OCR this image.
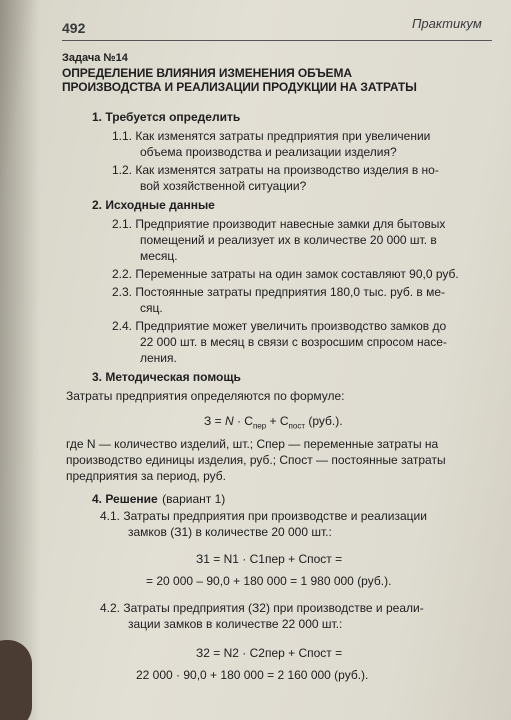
492	Практикум
Задача №14
ОПРЕДЕЛЕНИЕ ВЛИЯНИЯ ИЗМЕНЕНИЯ ОБЪЕМА
ПРОИЗВОДСТВА И РЕАЛИЗАЦИИ ПРОДУКЦИИ НА ЗАТРАТЫ
1. Требуется определить
1.1. Как изменятся затраты предприятия при увеличении
объема производства и реализации изделия?
1.2. Как изменятся затраты на производство изделия в но-
вой хозяйственной ситуации?
2. Исходные данные
2.1. Предприятие производит навесные замки для бытовых
помещений и реализует их в количестве 20 000 шт. в
месяц.
2.2. Переменные затраты на один замок составляют 90,0 руб.
2.3. Постоянные затраты предприятия 180,0 тыс. руб. в ме-
сяц.
2.4. Предприятие может увеличить производство замков до
22 000 шт. в месяц в связи с возросшим спросом насе-
ления.
3. Методическая помощь
Затраты предприятия определяются по формуле:
$З = N \cdot С_{пер} + С_{пост}$ (руб.).
где N — количество изделий, шт.; Спер — переменные затраты на
производство единицы изделия, руб.; Спост — постоянные затраты
предприятия за период, руб.
4. Решение (вариант 1)
4.1. Затраты предприятия при производстве и реализации
замков (З1) в количестве 20 000 шт.:
З1 = N1 · С1пер + Спост =
= 20 000 – 90,0 + 180 000 = 1 980 000 (руб.).
4.2. Затраты предприятия (З2) при производстве и реали-
зации замков в количестве 22 000 шт.:
З2 = N2 · С2пер + Спост =
22 000 · 90,0 + 180 000 = 2 160 000 (руб.).
